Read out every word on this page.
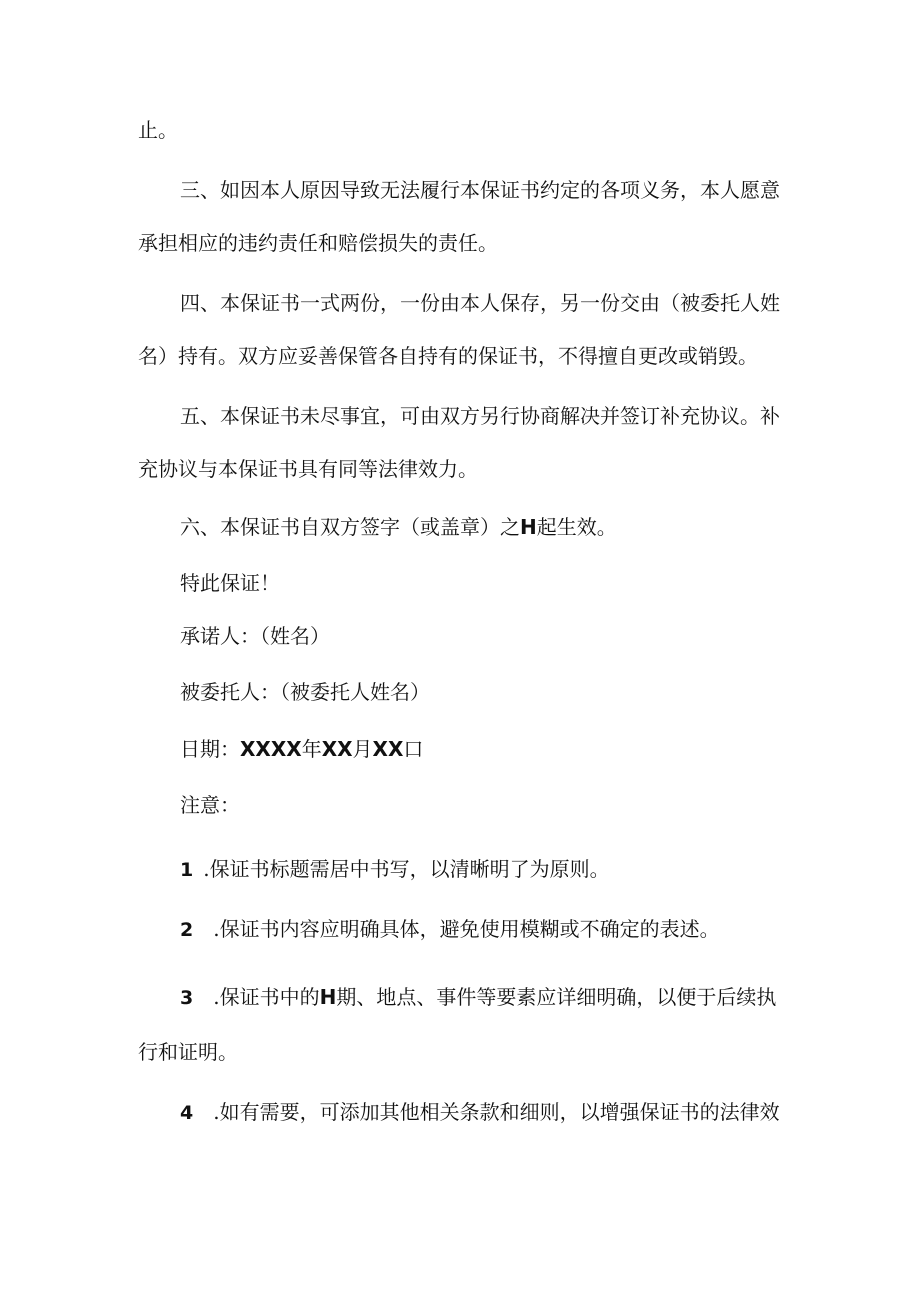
止。
三、如因本人原因导致无法履行本保证书约定的各项义务，本人愿意
承担相应的违约责任和赔偿损失的责任。
四、本保证书一式两份，一份由本人保存，另一份交由（被委托人姓
名）持有。双方应妥善保管各自持有的保证书，不得擅自更改或销毁。
五、本保证书未尽事宜，可由双方另行协商解决并签订补充协议。补
充协议与本保证书具有同等法律效力。
六、本保证书自双方签字（或盖章）之H起生效。
特此保证！
承诺人：（姓名）
被委托人：（被委托人姓名）
日期：XXXX年XX月XX口
注意：
1 .保证书标题需居中书写，以清晰明了为原则。
2 .保证书内容应明确具体，避免使用模糊或不确定的表述。
3 .保证书中的H期、地点、事件等要素应详细明确，以便于后续执
行和证明。
4 .如有需要，可添加其他相关条款和细则，以增强保证书的法律效
